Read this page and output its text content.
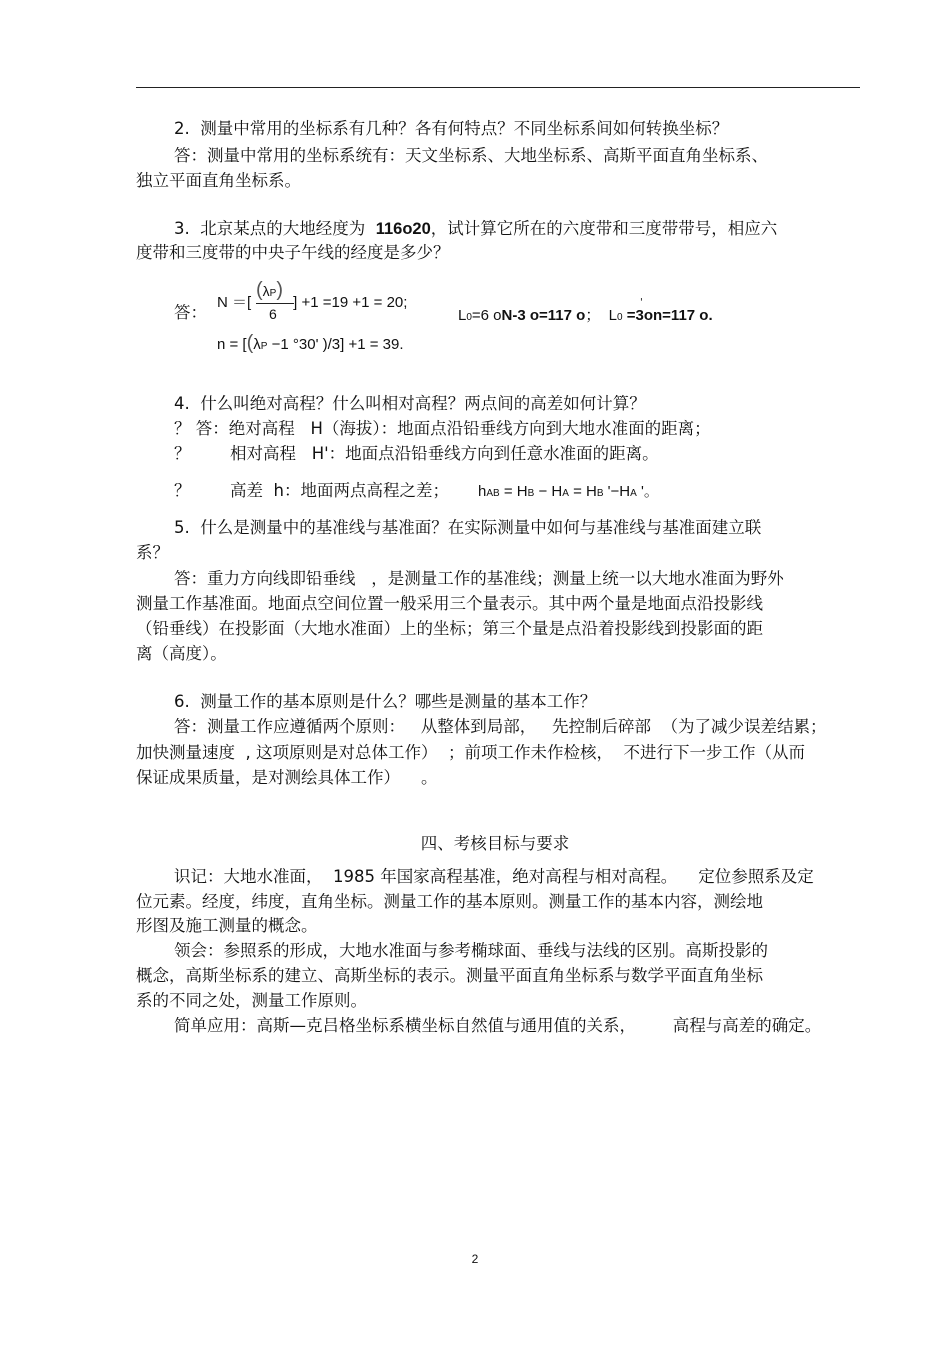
2.  测量中常用的坐标系有几种？各有何特点？不同坐标系间如何转换坐标？
答：测量中常用的坐标系统有：天文坐标系、大地坐标系、高斯平面直角坐标系、
独立平面直角坐标系。
3.  北京某点的大地经度为  116o20，试计算它所在的六度带和三度带带号，相应六
度带和三度带的中央子午线的经度是多少？
答：
N ＝[	] +1 =19 +1 = 20;
(λP)
6	L0=6 oN-3 o=117 o；  L0 =3on=117 o.
'
n = [(λP −1 °30' )/3] +1 = 39.
4.  什么叫绝对高程？什么叫相对高程？两点间的高差如何计算？
？ 答：绝对高程   H（海拔）：地面点沿铅垂线方向到大地水准面的距离；
？ 相对高程   H'：地面点沿铅垂线方向到任意水准面的距离。
？ 高差  h：地面两点高程之差； hAB = HB − HA = HB '−HA '。
5.  什么是测量中的基准线与基准面？在实际测量中如何与基准线与基准面建立联
系？
答：重力方向线即铅垂线   ，是测量工作的基准线；测量上统一以大地水准面为野外
测量工作基准面。地面点空间位置一般采用三个量表示。其中两个量是地面点沿投影线
（铅垂线）在投影面（大地水准面）上的坐标；第三个量是点沿着投影线到投影面的距
离（高度）。
6.  测量工作的基本原则是什么？哪些是测量的基本工作？
答：测量工作应遵循两个原则：   从整体到局部，   先控制后碎部  （为了减少误差结累；
加快测量速度  , 这项原则是对总体工作）  ；前项工作未作检核，  不进行下一步工作（从而
保证成果质量，是对测绘具体工作）    。
四、考核目标与要求
识记：大地水准面，  1985 年国家高程基准，绝对高程与相对高程。    定位参照系及定
位元素。经度，纬度，直角坐标。测量工作的基本原则。测量工作的基本内容，测绘地
形图及施工测量的概念。
领会：参照系的形成，大地水准面与参考椭球面、垂线与法线的区别。高斯投影的
概念，高斯坐标系的建立、高斯坐标的表示。测量平面直角坐标系与数学平面直角坐标
系的不同之处，测量工作原则。
简单应用：高斯—克吕格坐标系横坐标自然值与通用值的关系，       高程与高差的确定。
2
